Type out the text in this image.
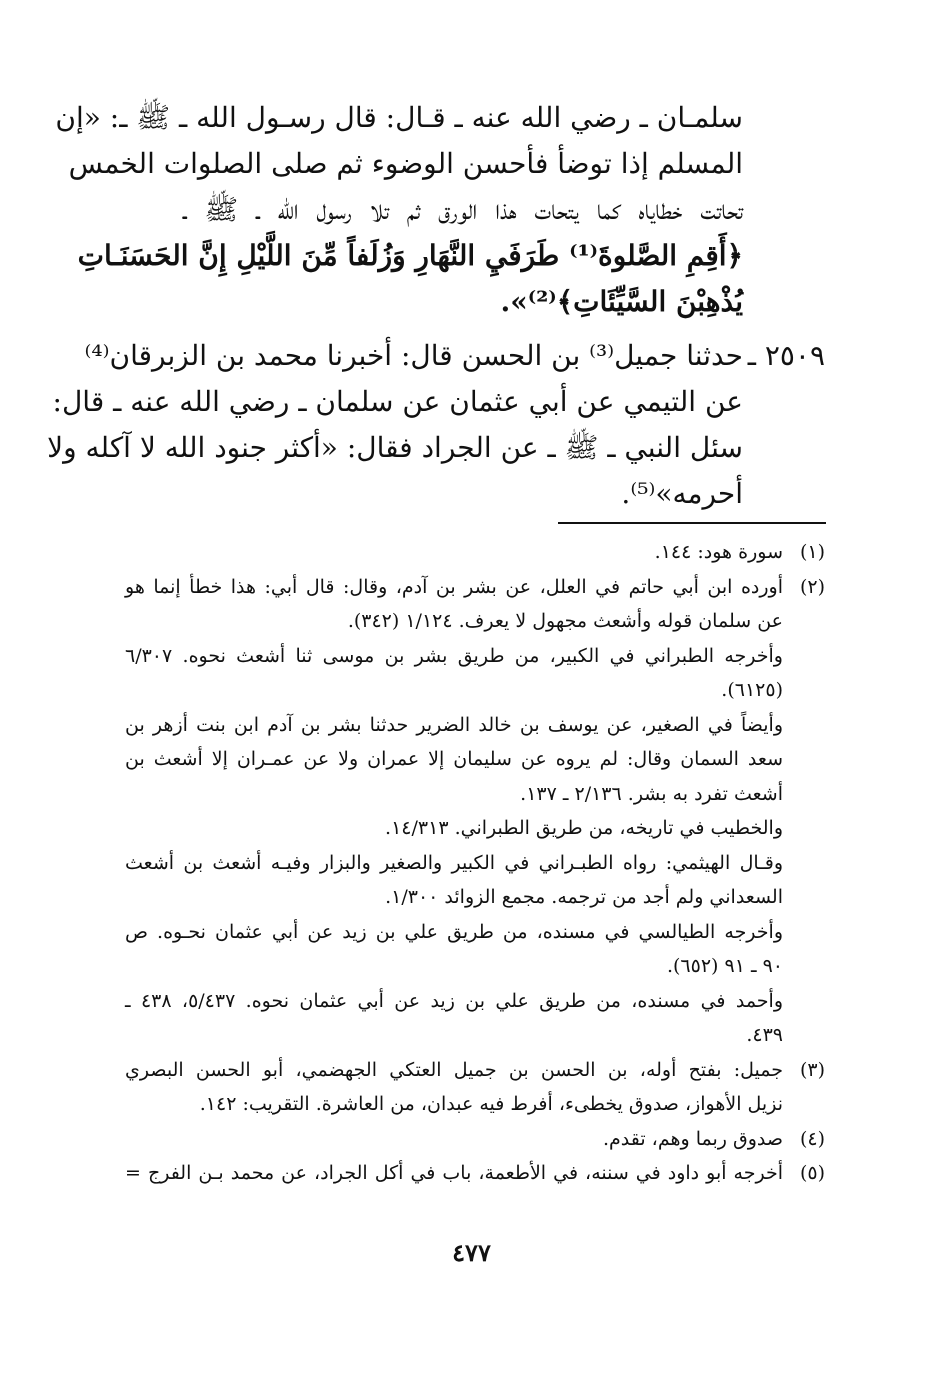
سلمـان ـ رضي الله عنه ـ قـال: قال رسـول الله ـ ﷺ ـ: «إن
المسلم إذا توضأ فأحسن الوضوء ثم صلى الصلوات الخمس
تحاتت خطاياه كما يتحات هذا الورق ثم تلا رسول الله ـ ﷺ ـ
﴿أَقِمِ الصَّلوةَ⁽¹⁾ طَرَفَيِ النَّهَارِ وَزُلَفاً مِّنَ اللَّيْلِ إِنَّ الحَسَنَـاتِ
يُذْهِبْنَ السَّيِّئَاتِ﴾⁽²⁾».
٢٥٠٩ ـ
حدثنا جميل⁽³⁾ بن الحسن قال: أخبرنا محمد بن الزبرقان⁽⁴⁾
عن التيمي عن أبي عثمان عن سلمان ـ رضي الله عنه ـ قال:
سئل النبي ـ ﷺ ـ عن الجراد فقال: «أكثر جنود الله لا آكله ولا
أحرمه»⁽⁵⁾.
(١)
سورة هود: ١٤٤.
(٢)
أورده ابن أبي حاتم في العلل، عن بشر بن آدم، وقال: قال أبي: هذا خطأ إنما هو
عن سلمان قوله وأشعث مجهول لا يعرف. ١/١٢٤ (٣٤٢).
وأخرجه الطبراني في الكبير، من طريق بشر بن موسى ثنا أشعث نحوه. ٦/٣٠٧
(٦١٢٥).
وأيضاً في الصغير، عن يوسف بن خالد الضرير حدثنا بشر بن آدم ابن بنت أزهر بن
سعد السمان وقال: لم يروه عن سليمان إلا عمران ولا عن عمـران إلا أشعث بن
أشعث تفرد به بشر. ٢/١٣٦ ـ ١٣٧.
والخطيب في تاريخه، من طريق الطبراني. ١٤/٣١٣.
وقـال الهيثمي: رواه الطبـراني في الكبير والصغير والبزار وفيـه أشعث بن أشعث
السعداني ولم أجد من ترجمه. مجمع الزوائد ١/٣٠٠.
وأخرجه الطيالسي في مسنده، من طريق علي بن زيد عن أبي عثمان نحـوه. ص
٩٠ ـ ٩١ (٦٥٢).
وأحمد في مسنده، من طريق علي بن زيد عن أبي عثمان نحوه. ٥/٤٣٧، ٤٣٨ ـ
٤٣٩.
(٣)
جميل: بفتح أوله، بن الحسن بن جميل العتكي الجهضمي، أبو الحسن البصري
نزيل الأهواز، صدوق يخطىء، أفرط فيه عبدان، من العاشرة. التقريب: ١٤٢.
(٤)
صدوق ربما وهم، تقدم.
(٥)
أخرجه أبو داود في سننه، في الأطعمة، باب في أكل الجراد، عن محمد بـن الفرج =
٤٧٧
